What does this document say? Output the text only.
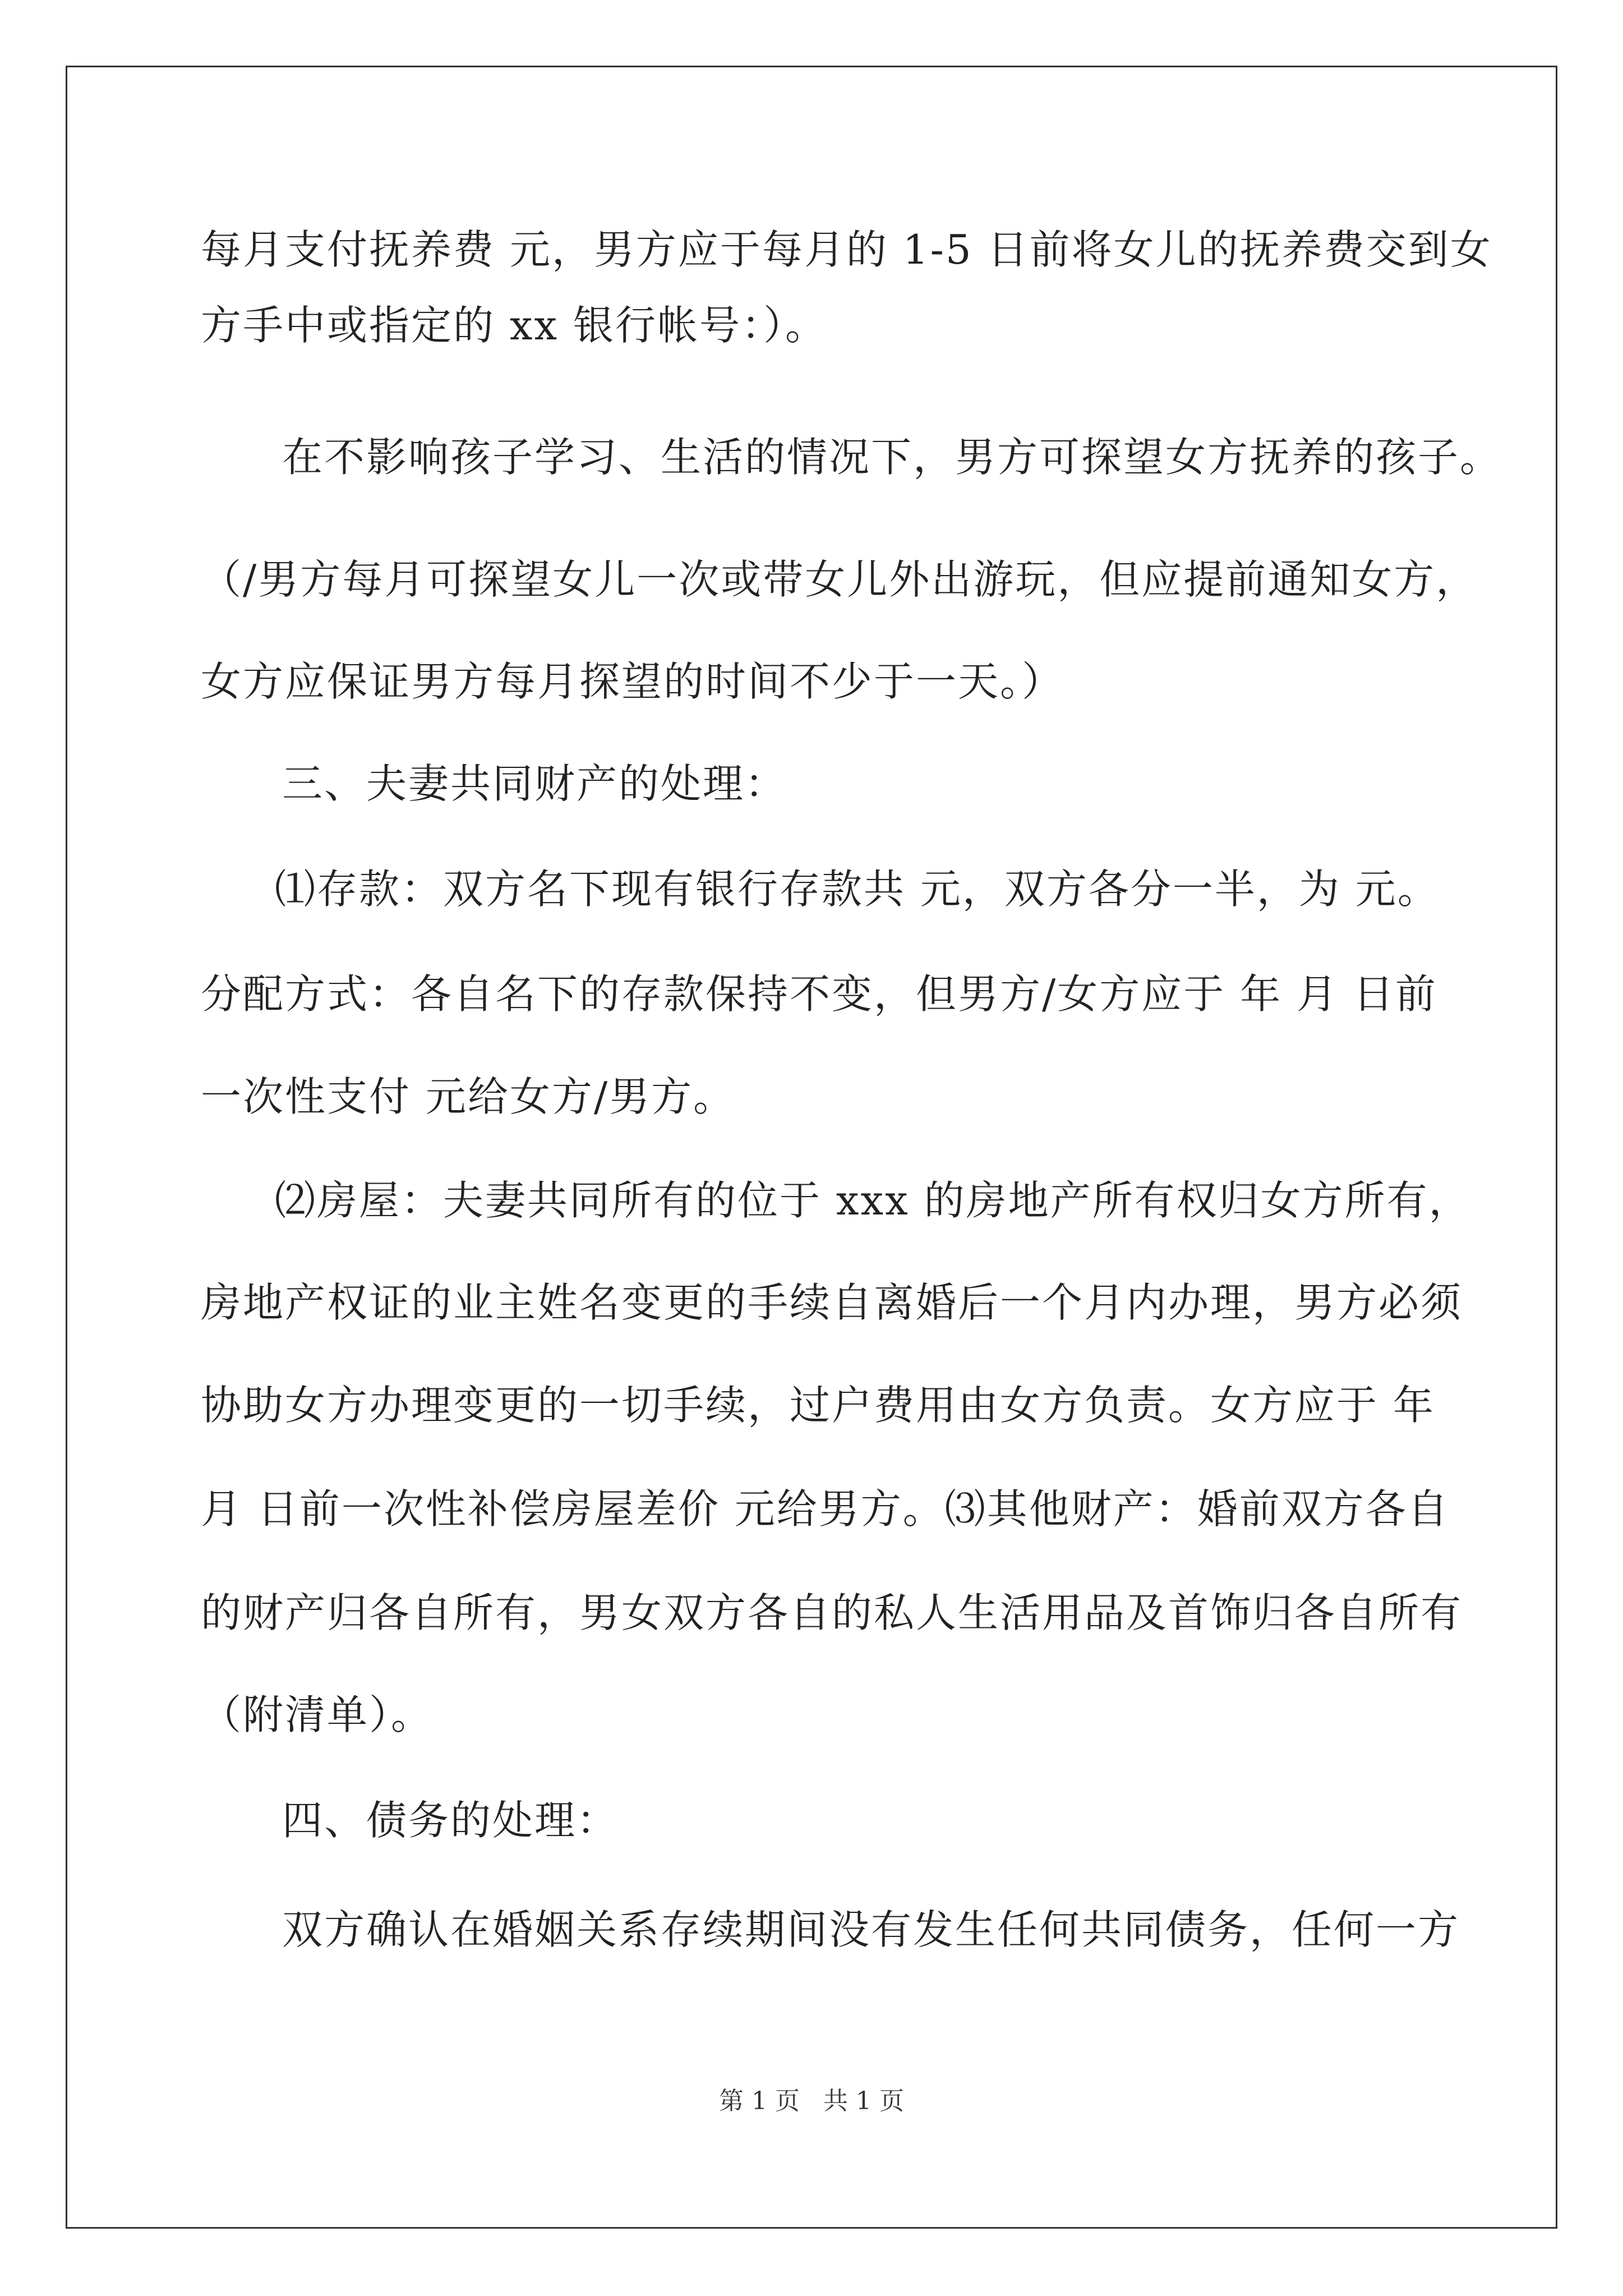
每月支付抚养费 元，男方应于每月的 1-5 日前将女儿的抚养费交到女
方手中或指定的 xx 银行帐号：）。
在不影响孩子学习、生活的情况下，男方可探望女方抚养的孩子。
（/男方每月可探望女儿一次或带女儿外出游玩，但应提前通知女方，
女方应保证男方每月探望的时间不少于一天。）
三、夫妻共同财产的处理：
⑴存款：双方名下现有银行存款共 元，双方各分一半，为 元。
分配方式：各自名下的存款保持不变，但男方/女方应于 年 月 日前
一次性支付 元给女方/男方。
⑵房屋：夫妻共同所有的位于 xxx 的房地产所有权归女方所有，
房地产权证的业主姓名变更的手续自离婚后一个月内办理，男方必须
协助女方办理变更的一切手续，过户费用由女方负责。女方应于 年
月 日前一次性补偿房屋差价 元给男方。⑶其他财产：婚前双方各自
的财产归各自所有，男女双方各自的私人生活用品及首饰归各自所有
（附清单）。
四、债务的处理：
双方确认在婚姻关系存续期间没有发生任何共同债务，任何一方
第 1 页   共 1 页
